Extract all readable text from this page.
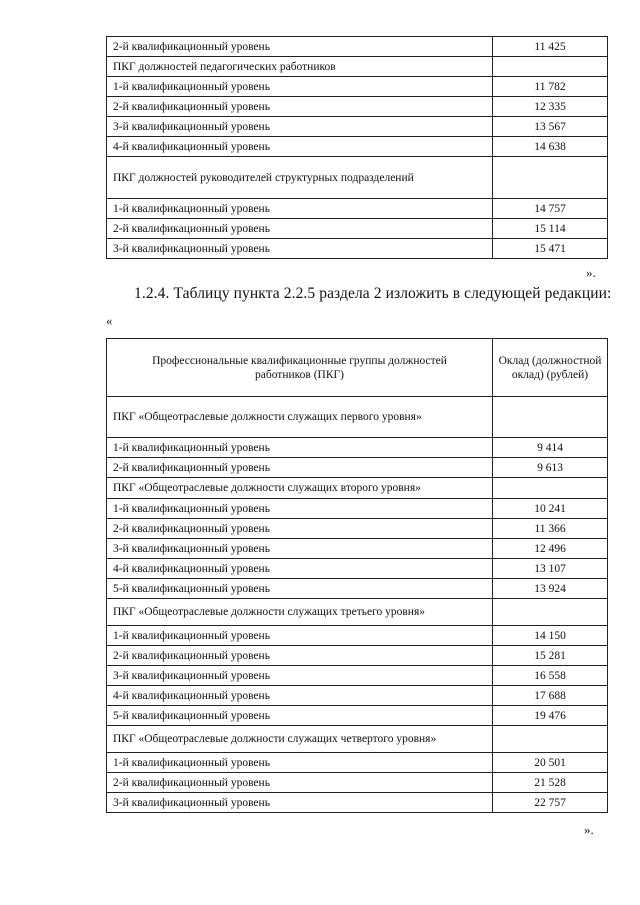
2-й квалификационный уровень	11 425
ПКГ должностей педагогических работников	
1-й квалификационный уровень	11 782
2-й квалификационный уровень	12 335
3-й квалификационный уровень	13 567
4-й квалификационный уровень	14 638
ПКГ должностей руководителей структурных подразделений	
1-й квалификационный уровень	14 757
2-й квалификационный уровень	15 114
3-й квалификационный уровень	15 471
».
1.2.4. Таблицу пункта 2.2.5 раздела 2 изложить в следующей редакции:
«
Профессиональные квалификационные группы должностей работников (ПКГ)	Оклад (должностной оклад) (рублей)
ПКГ «Общеотраслевые должности служащих первого уровня»	
1-й квалификационный уровень	9 414
2-й квалификационный уровень	9 613
ПКГ «Общеотраслевые должности служащих второго уровня»	
1-й квалификационный уровень	10 241
2-й квалификационный уровень	11 366
3-й квалификационный уровень	12 496
4-й квалификационный уровень	13 107
5-й квалификационный уровень	13 924
ПКГ «Общеотраслевые должности служащих третьего уровня»	
1-й квалификационный уровень	14 150
2-й квалификационный уровень	15 281
3-й квалификационный уровень	16 558
4-й квалификационный уровень	17 688
5-й квалификационный уровень	19 476
ПКГ «Общеотраслевые должности служащих четвертого уровня»	
1-й квалификационный уровень	20 501
2-й квалификационный уровень	21 528
3-й квалификационный уровень	22 757
».
